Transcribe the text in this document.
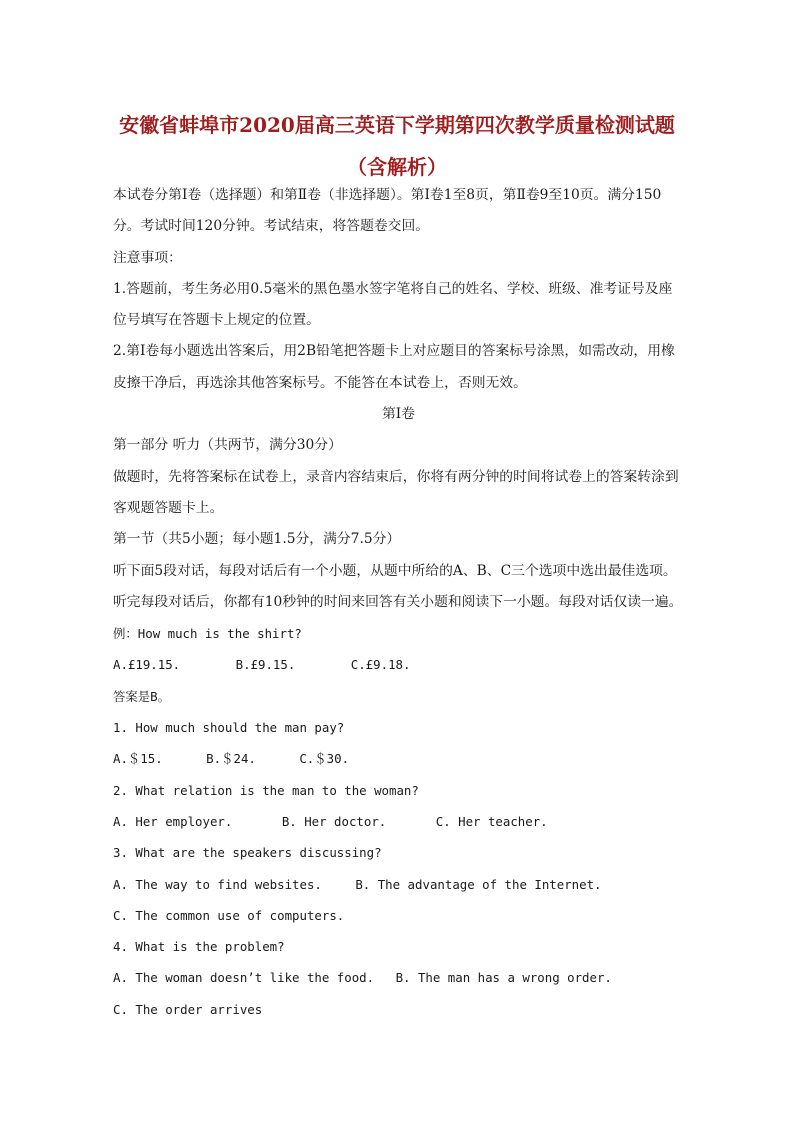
安徽省蚌埠市2020届高三英语下学期第四次教学质量检测试题（含解析）

本试卷分第Ⅰ卷（选择题）和第Ⅱ卷（非选择题）。第Ⅰ卷1至8页，第Ⅱ卷9至10页。满分150分。考试时间120分钟。考试结束，将答题卷交回。

注意事项：

1.答题前，考生务必用0.5毫米的黑色墨水签字笔将自己的姓名、学校、班级、准考证号及座位号填写在答题卡上规定的位置。

2.第Ⅰ卷每小题选出答案后，用2B铅笔把答题卡上对应题目的答案标号涂黑，如需改动，用橡皮擦干净后，再选涂其他答案标号。不能答在本试卷上，否则无效。

第Ⅰ卷

第一部分 听力（共两节，满分30分）

做题时，先将答案标在试卷上，录音内容结束后，你将有两分钟的时间将试卷上的答案转涂到客观题答题卡上。

第一节（共5小题；每小题1.5分，满分7.5分）

听下面5段对话，每段对话后有一个小题，从题中所给的A、B、C三个选项中选出最佳选项。听完每段对话后，你都有10秒钟的时间来回答有关小题和阅读下一小题。每段对话仅读一遍。

例：How much is the shirt?

A.£19.15.	B.£9.15.	C.£9.18.

答案是B。

1. How much should the man pay?

A.＄15.	B.＄24.	C.＄30.

2. What relation is the man to the woman?

A. Her employer.	B. Her doctor.	C. Her teacher.

3. What are the speakers discussing?

A. The way to find websites.	B. The advantage of the Internet. C. The common use of computers.

4. What is the problem?

A. The woman doesn’t like the food. B. The man has a wrong order. C. The order arrives
